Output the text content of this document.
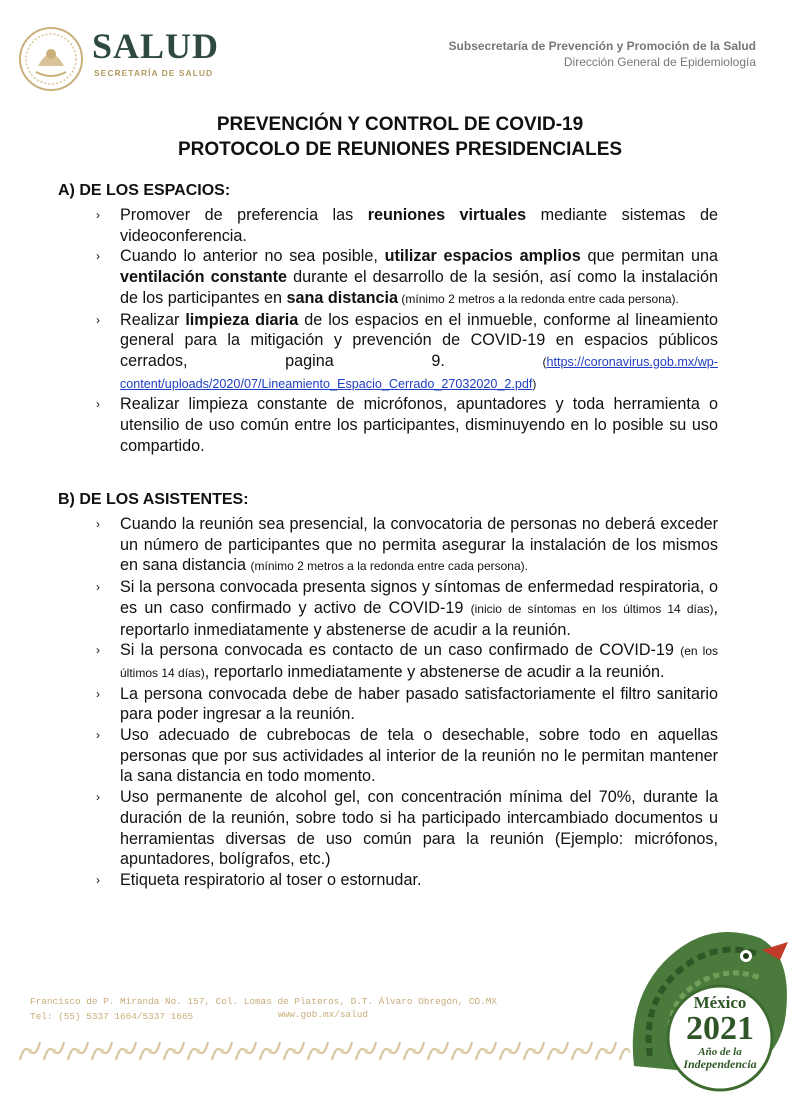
SALUD
SECRETARÍA DE SALUD
Subsecretaría de Prevención y Promoción de la Salud
Dirección General de Epidemiología
PREVENCIÓN Y CONTROL DE COVID-19
PROTOCOLO DE REUNIONES PRESIDENCIALES
A) DE LOS ESPACIOS:
› Promover de preferencia las reuniones virtuales mediante sistemas de videoconferencia.
› Cuando lo anterior no sea posible, utilizar espacios amplios que permitan una ventilación constante durante el desarrollo de la sesión, así como la instalación de los participantes en sana distancia (mínimo 2 metros a la redonda entre cada persona).
› Realizar limpieza diaria de los espacios en el inmueble, conforme al lineamiento general para la mitigación y prevención de COVID-19 en espacios públicos cerrados, pagina 9. (https://coronavirus.gob.mx/wp-content/uploads/2020/07/Lineamiento_Espacio_Cerrado_27032020_2.pdf)
› Realizar limpieza constante de micrófonos, apuntadores y toda herramienta o utensilio de uso común entre los participantes, disminuyendo en lo posible su uso compartido.
B) DE LOS ASISTENTES:
› Cuando la reunión sea presencial, la convocatoria de personas no deberá exceder un número de participantes que no permita asegurar la instalación de los mismos en sana distancia (mínimo 2 metros a la redonda entre cada persona).
› Si la persona convocada presenta signos y síntomas de enfermedad respiratoria, o es un caso confirmado y activo de COVID-19 (inicio de síntomas en los últimos 14 días), reportarlo inmediatamente y abstenerse de acudir a la reunión.
› Si la persona convocada es contacto de un caso confirmado de COVID-19 (en los últimos 14 días), reportarlo inmediatamente y abstenerse de acudir a la reunión.
› La persona convocada debe de haber pasado satisfactoriamente el filtro sanitario para poder ingresar a la reunión.
› Uso adecuado de cubrebocas de tela o desechable, sobre todo en aquellas personas que por sus actividades al interior de la reunión no le permitan mantener la sana distancia en todo momento.
› Uso permanente de alcohol gel, con concentración mínima del 70%, durante la duración de la reunión, sobre todo si ha participado intercambiado documentos u herramientas diversas de uso común para la reunión (Ejemplo: micrófonos, apuntadores, bolígrafos, etc.)
› Etiqueta respiratorio al toser o estornudar.
Francisco de P. Miranda No. 157, Col. Lomas de Plateros, D.T. Álvaro Obregón, CD.MX
Tel: (55) 5337 1664/5337 1665	www.gob.mx/salud
México
2021
Año de la
Independencia
